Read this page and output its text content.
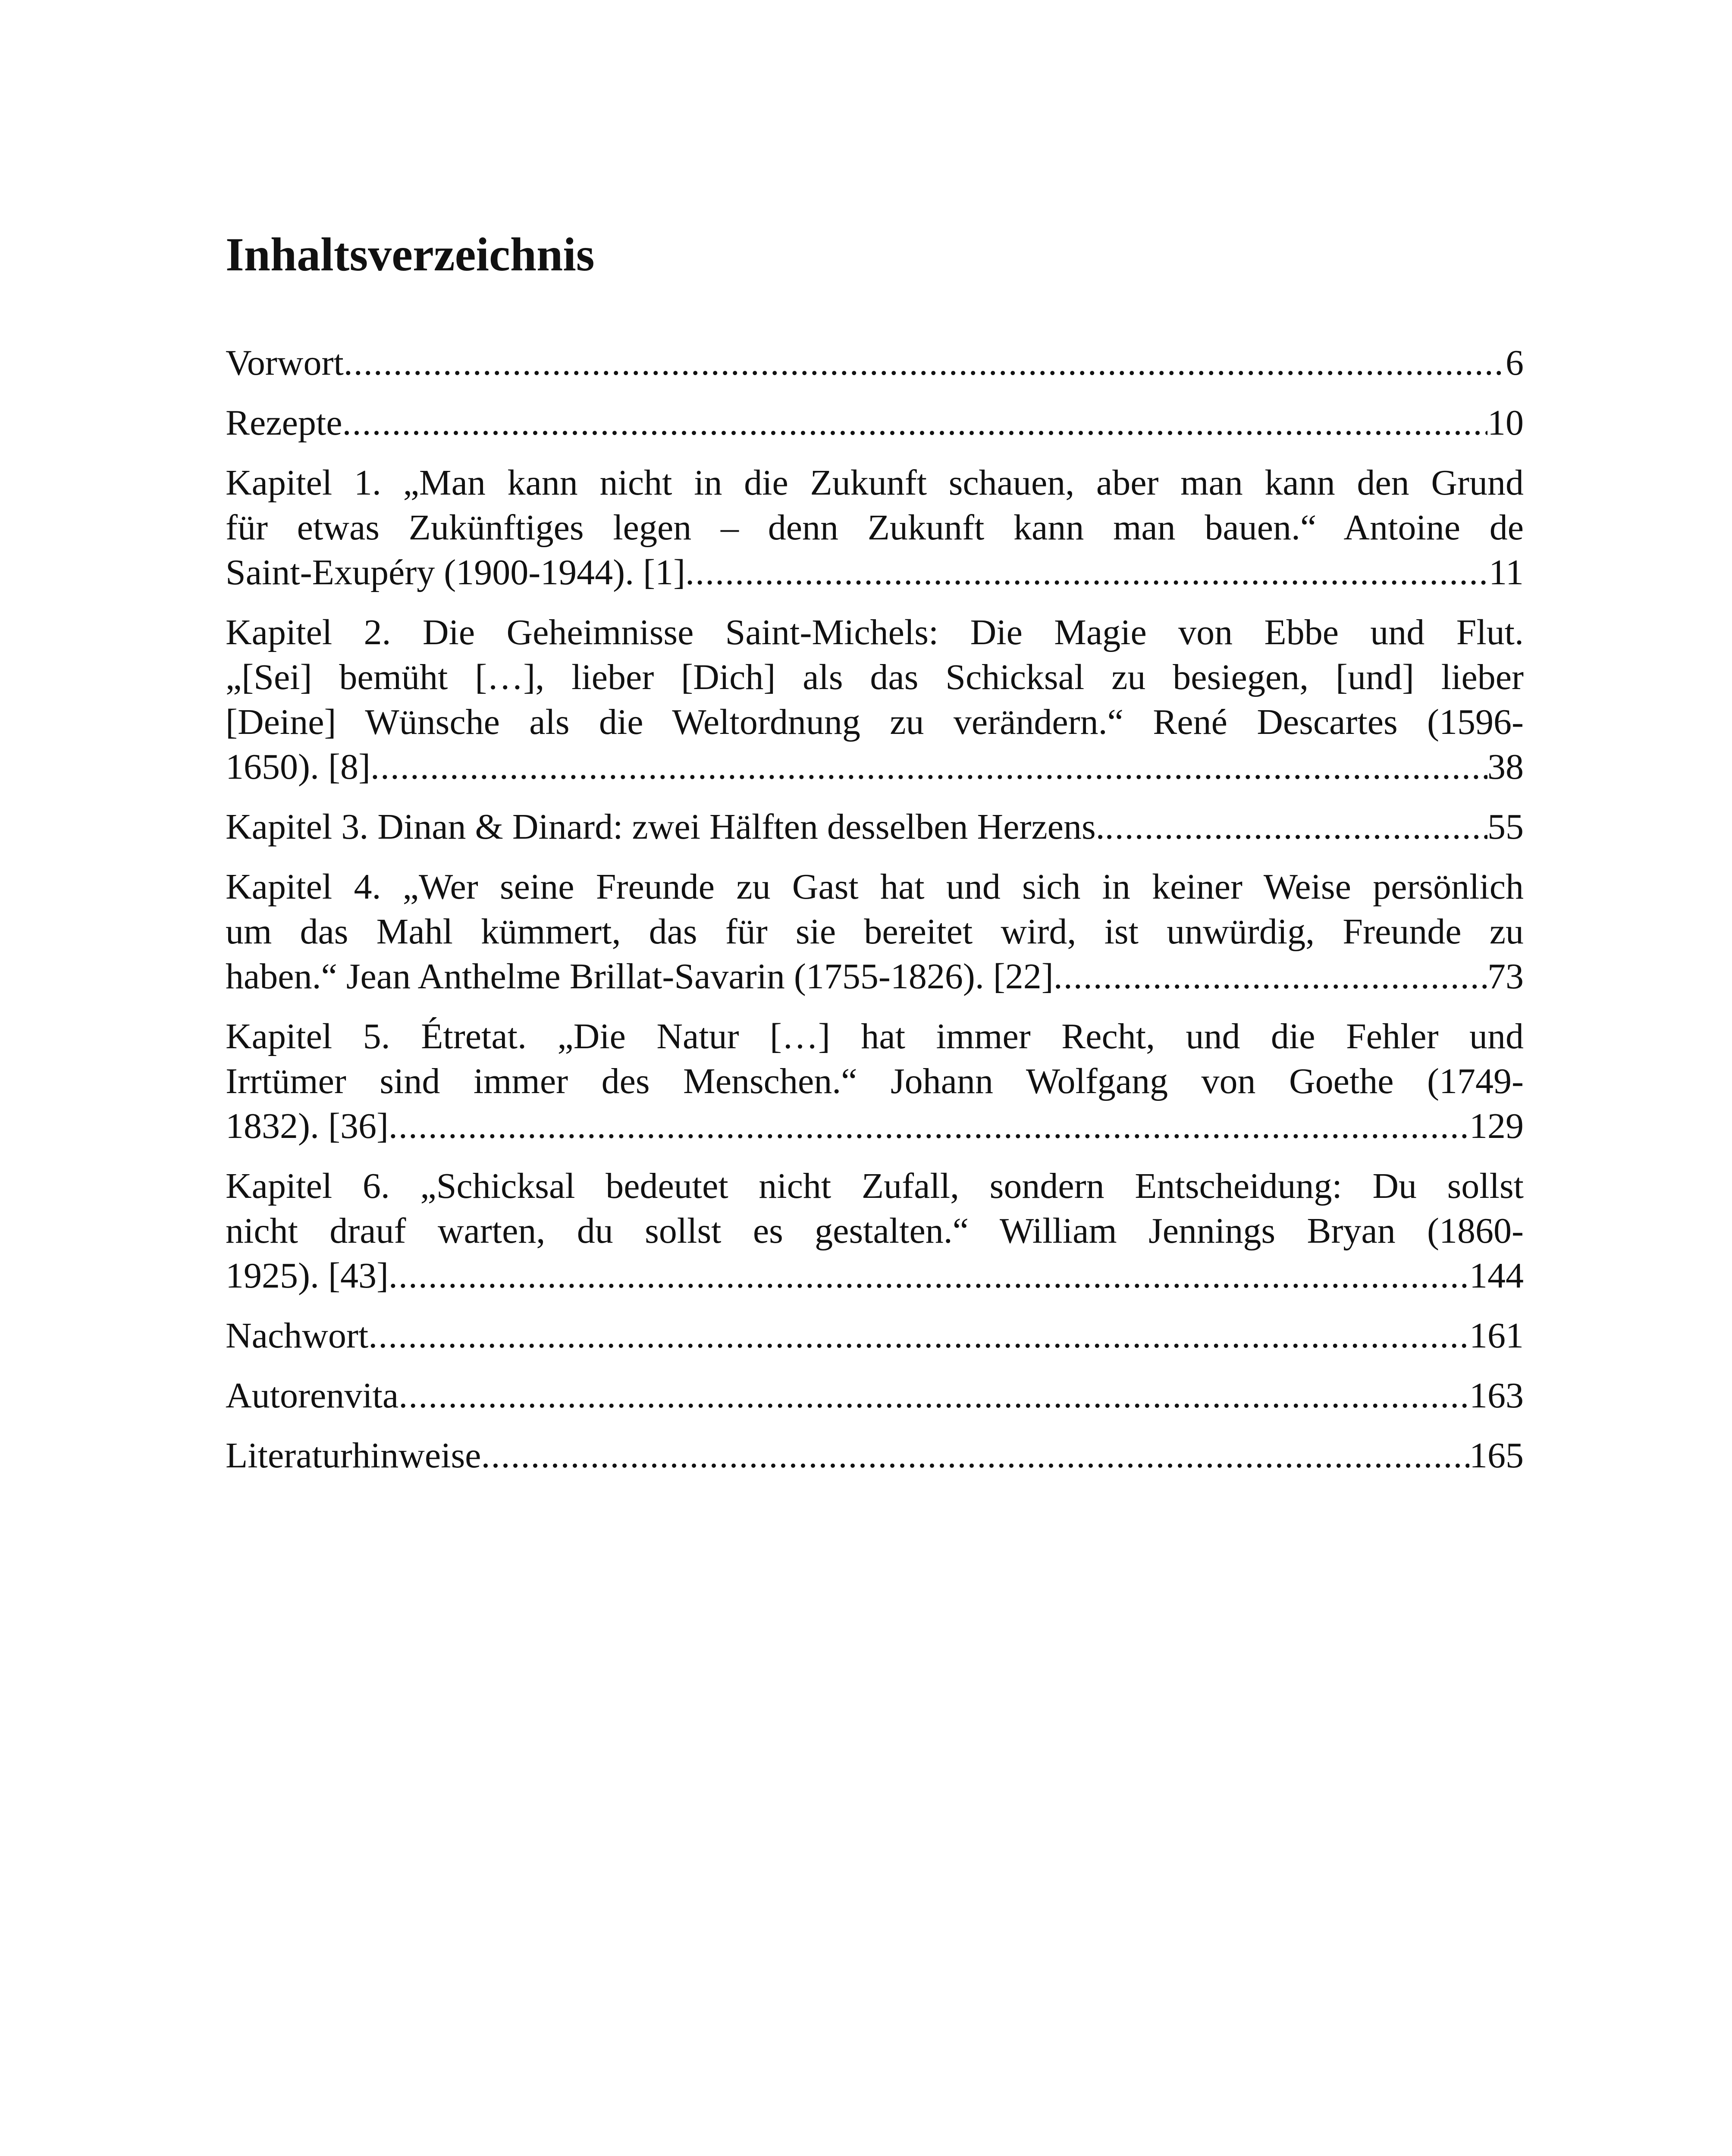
Inhaltsverzeichnis
Vorwort .....	6
Rezepte .....	10
Kapitel 1. „Man kann nicht in die Zukunft schauen, aber man kann den Grund
für etwas Zukünftiges legen – denn Zukunft kann man bauen.“ Antoine de
Saint-Exupéry (1900-1944). [1] .....	11
Kapitel 2. Die Geheimnisse Saint-Michels: Die Magie von Ebbe und Flut.
„[Sei] bemüht […], lieber [Dich] als das Schicksal zu besiegen, [und] lieber
[Deine] Wünsche als die Weltordnung zu verändern.“ René Descartes (1596-
1650). [8] .....	38
Kapitel 3. Dinan & Dinard: zwei Hälften desselben Herzens. .....	55
Kapitel 4. „Wer seine Freunde zu Gast hat und sich in keiner Weise persönlich
um das Mahl kümmert, das für sie bereitet wird, ist unwürdig, Freunde zu
haben.“ Jean Anthelme Brillat-Savarin (1755-1826). [22] .....	73
Kapitel 5. Étretat. „Die Natur […] hat immer Recht, und die Fehler und
Irrtümer sind immer des Menschen.“ Johann Wolfgang von Goethe (1749-
1832). [36] .....	129
Kapitel 6. „Schicksal bedeutet nicht Zufall, sondern Entscheidung: Du sollst
nicht drauf warten, du sollst es gestalten.“ William Jennings Bryan (1860-
1925). [43] .....	144
Nachwort .....	161
Autorenvita .....	163
Literaturhinweise .....	165
